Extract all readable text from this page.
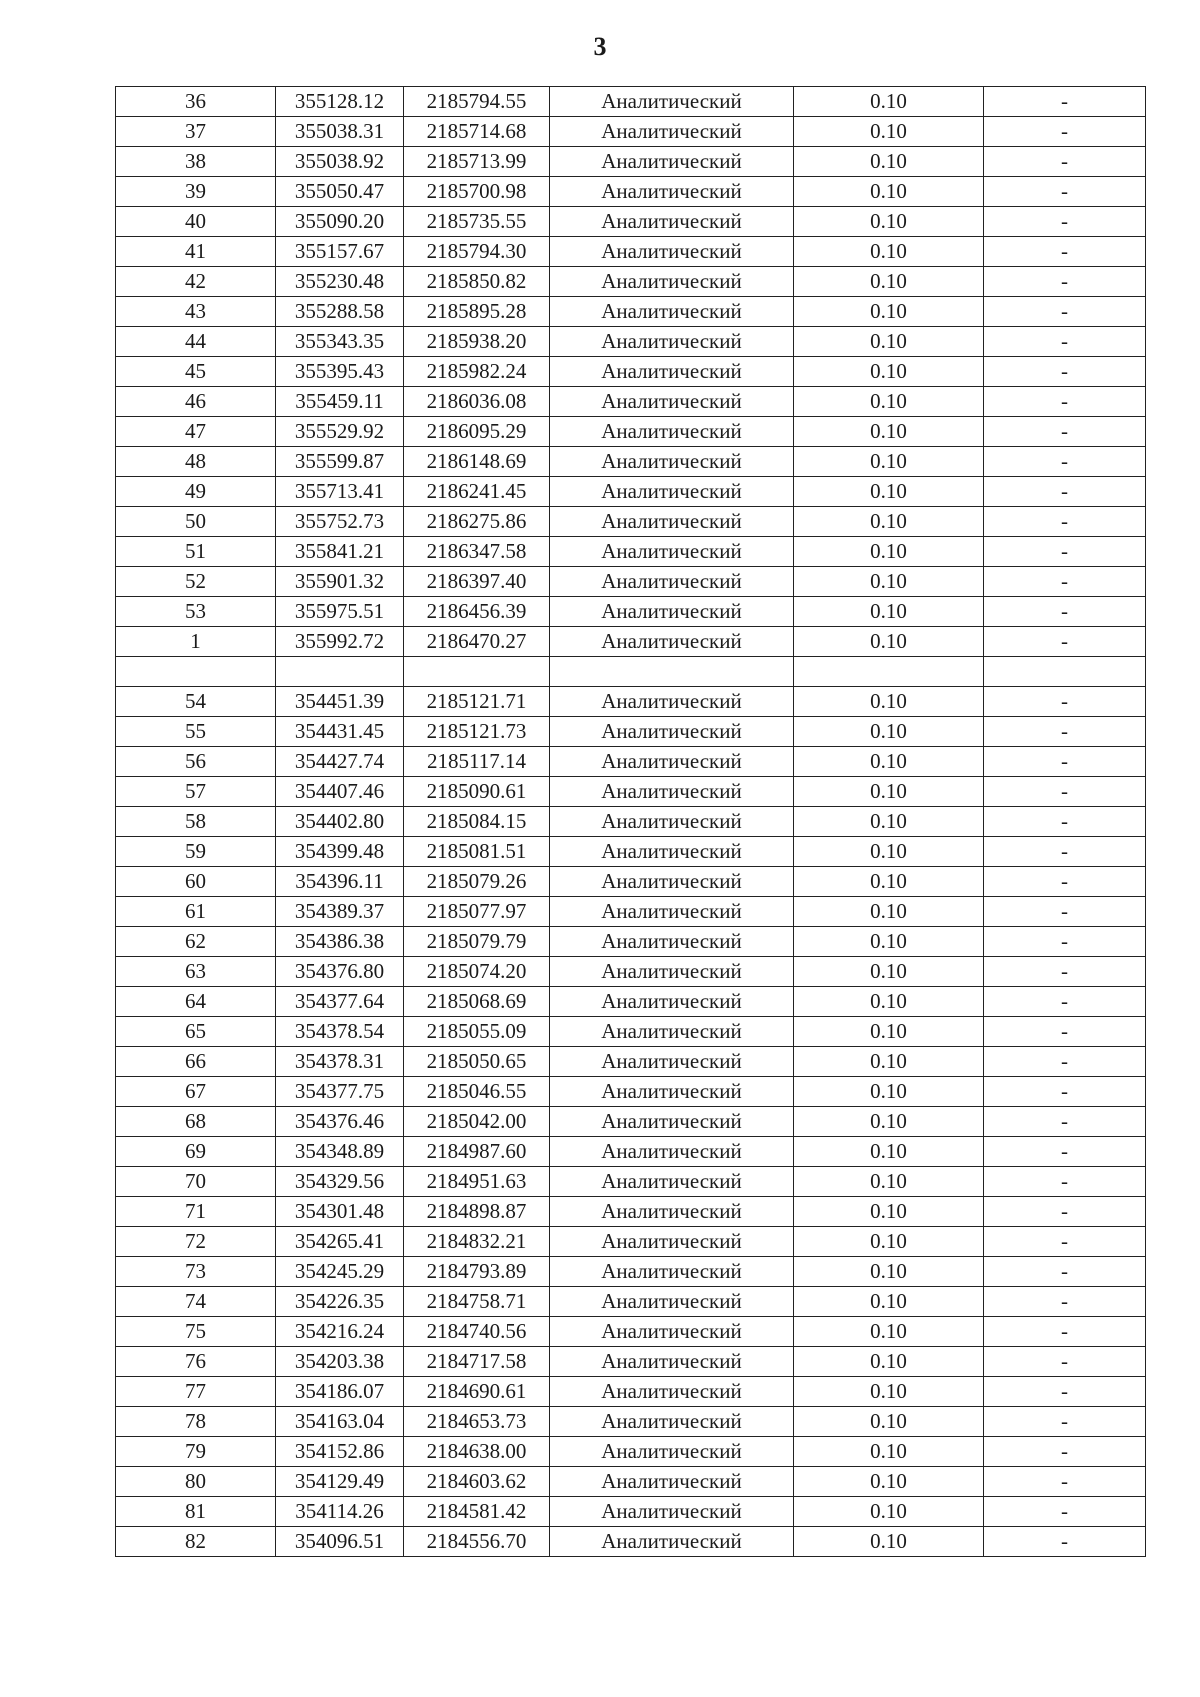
3
36	355128.12	2185794.55	Аналитический	0.10	-
37	355038.31	2185714.68	Аналитический	0.10	-
38	355038.92	2185713.99	Аналитический	0.10	-
39	355050.47	2185700.98	Аналитический	0.10	-
40	355090.20	2185735.55	Аналитический	0.10	-
41	355157.67	2185794.30	Аналитический	0.10	-
42	355230.48	2185850.82	Аналитический	0.10	-
43	355288.58	2185895.28	Аналитический	0.10	-
44	355343.35	2185938.20	Аналитический	0.10	-
45	355395.43	2185982.24	Аналитический	0.10	-
46	355459.11	2186036.08	Аналитический	0.10	-
47	355529.92	2186095.29	Аналитический	0.10	-
48	355599.87	2186148.69	Аналитический	0.10	-
49	355713.41	2186241.45	Аналитический	0.10	-
50	355752.73	2186275.86	Аналитический	0.10	-
51	355841.21	2186347.58	Аналитический	0.10	-
52	355901.32	2186397.40	Аналитический	0.10	-
53	355975.51	2186456.39	Аналитический	0.10	-
1	355992.72	2186470.27	Аналитический	0.10	-

54	354451.39	2185121.71	Аналитический	0.10	-
55	354431.45	2185121.73	Аналитический	0.10	-
56	354427.74	2185117.14	Аналитический	0.10	-
57	354407.46	2185090.61	Аналитический	0.10	-
58	354402.80	2185084.15	Аналитический	0.10	-
59	354399.48	2185081.51	Аналитический	0.10	-
60	354396.11	2185079.26	Аналитический	0.10	-
61	354389.37	2185077.97	Аналитический	0.10	-
62	354386.38	2185079.79	Аналитический	0.10	-
63	354376.80	2185074.20	Аналитический	0.10	-
64	354377.64	2185068.69	Аналитический	0.10	-
65	354378.54	2185055.09	Аналитический	0.10	-
66	354378.31	2185050.65	Аналитический	0.10	-
67	354377.75	2185046.55	Аналитический	0.10	-
68	354376.46	2185042.00	Аналитический	0.10	-
69	354348.89	2184987.60	Аналитический	0.10	-
70	354329.56	2184951.63	Аналитический	0.10	-
71	354301.48	2184898.87	Аналитический	0.10	-
72	354265.41	2184832.21	Аналитический	0.10	-
73	354245.29	2184793.89	Аналитический	0.10	-
74	354226.35	2184758.71	Аналитический	0.10	-
75	354216.24	2184740.56	Аналитический	0.10	-
76	354203.38	2184717.58	Аналитический	0.10	-
77	354186.07	2184690.61	Аналитический	0.10	-
78	354163.04	2184653.73	Аналитический	0.10	-
79	354152.86	2184638.00	Аналитический	0.10	-
80	354129.49	2184603.62	Аналитический	0.10	-
81	354114.26	2184581.42	Аналитический	0.10	-
82	354096.51	2184556.70	Аналитический	0.10	-
